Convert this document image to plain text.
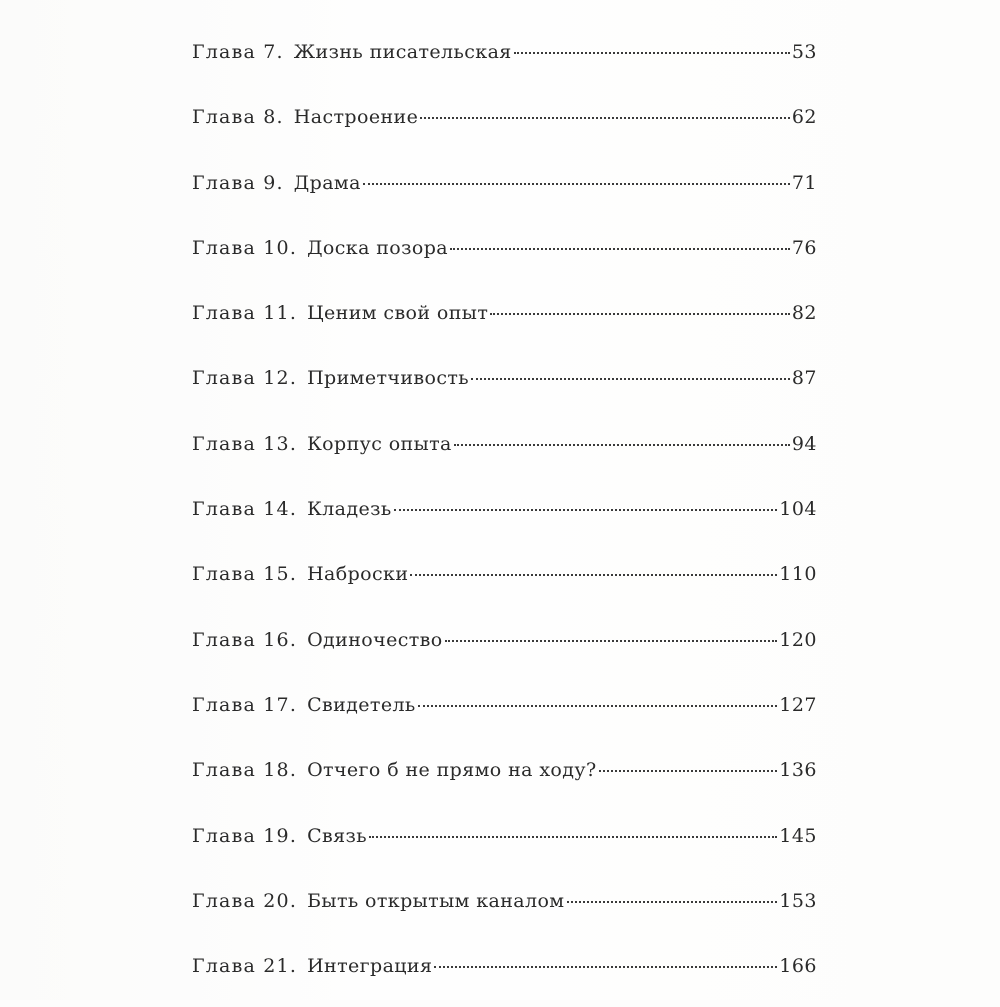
Глава 7. Жизнь писательская	53
Глава 8. Настроение	62
Глава 9. Драма	71
Глава 10. Доска позора	76
Глава 11. Ценим свой опыт	82
Глава 12. Приметчивость	87
Глава 13. Корпус опыта	94
Глава 14. Кладезь	104
Глава 15. Наброски	110
Глава 16. Одиночество	120
Глава 17. Свидетель	127
Глава 18. Отчего б не прямо на ходу?	136
Глава 19. Связь	145
Глава 20. Быть открытым каналом	153
Глава 21. Интеграция	166
